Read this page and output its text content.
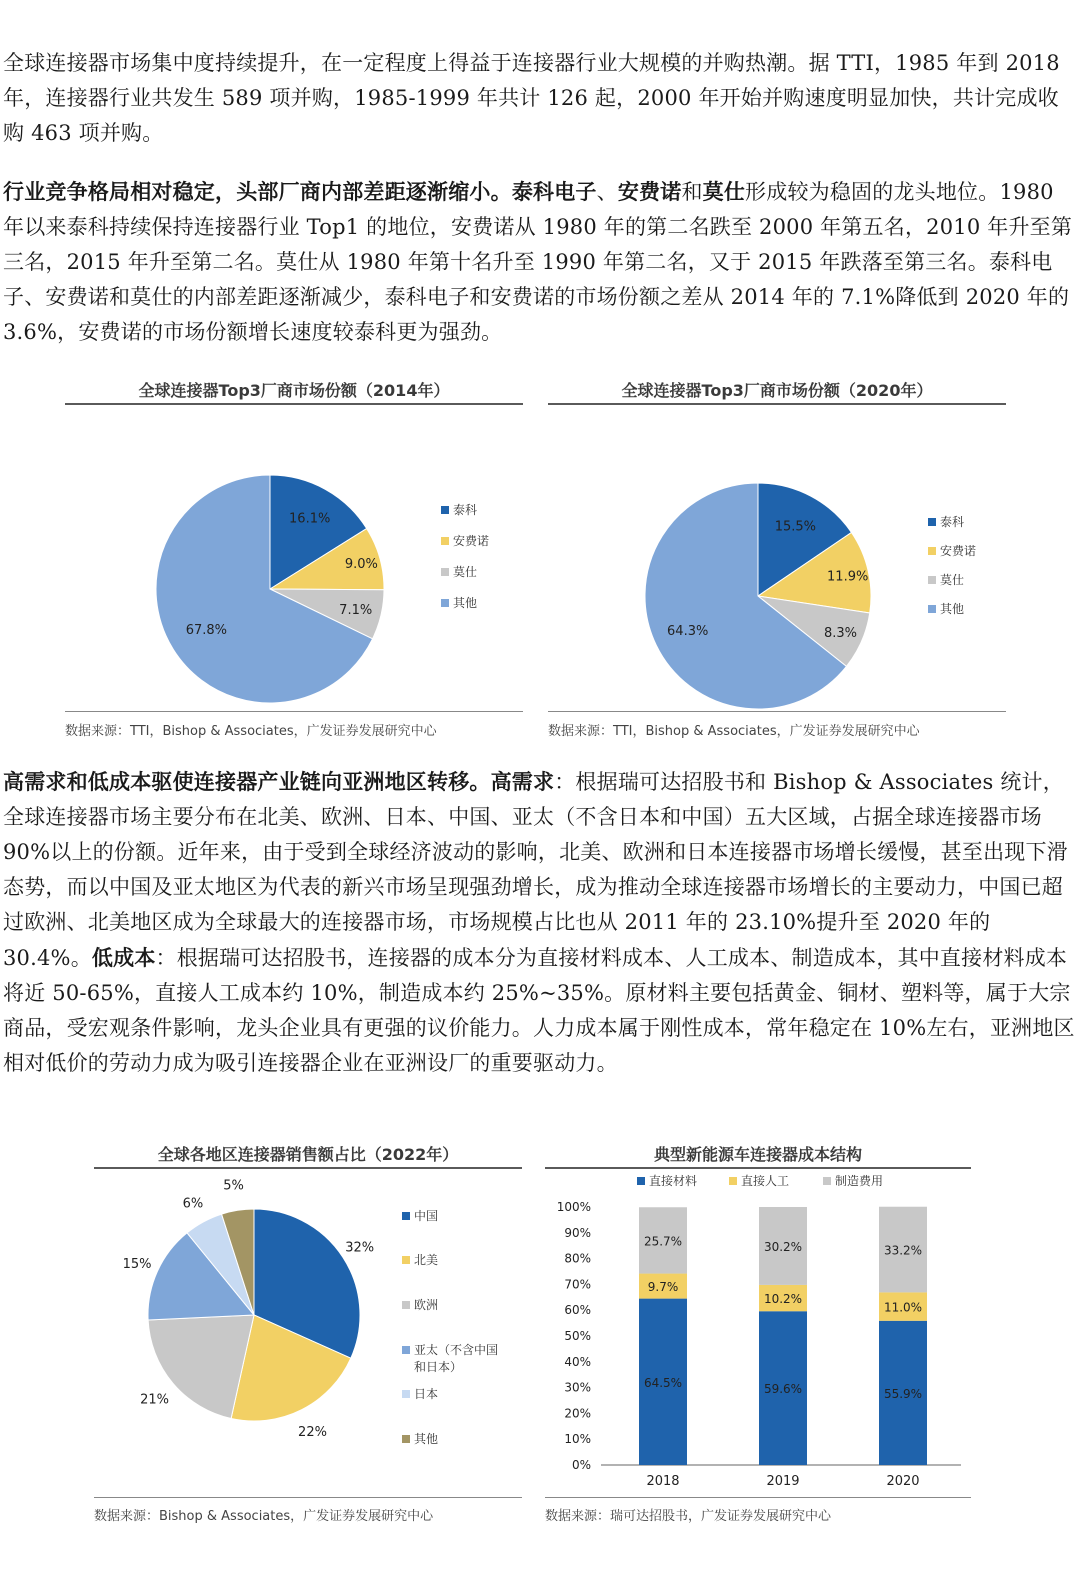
全球连接器市场集中度持续提升，在一定程度上得益于连接器行业大规模的并购热潮。据 TTI，1985 年到 2018 年，连接器行业共发生 589 项并购，1985-1999 年共计 126 起，2000 年开始并购速度明显加快，共计完成收购 463 项并购。

行业竞争格局相对稳定，头部厂商内部差距逐渐缩小。泰科电子、安费诺和莫仕形成较为稳固的龙头地位。1980 年以来泰科持续保持连接器行业 Top1 的地位，安费诺从 1980 年的第二名跌至 2000 年第五名，2010 年升至第三名，2015 年升至第二名。莫仕从 1980 年第十名升至 1990 年第二名，又于 2015 年跌落至第三名。泰科电子、安费诺和莫仕的内部差距逐渐减少，泰科电子和安费诺的市场份额之差从 2014 年的 7.1%降低到 2020 年的 3.6%，安费诺的市场份额增长速度较泰科更为强劲。

全球连接器Top3厂商市场份额（2014年）
16.1%
9.0%
7.1%
67.8%
泰科
安费诺
莫仕
其他
数据来源：TTI，Bishop & Associates，广发证券发展研究中心
全球连接器Top3厂商市场份额（2020年）
15.5%
11.9%
8.3%
64.3%
泰科
安费诺
莫仕
其他
数据来源：TTI，Bishop & Associates，广发证券发展研究中心

高需求和低成本驱使连接器产业链向亚洲地区转移。高需求：根据瑞可达招股书和 Bishop & Associates 统计，全球连接器市场主要分布在北美、欧洲、日本、中国、亚太（不含日本和中国）五大区域，占据全球连接器市场 90%以上的份额。近年来，由于受到全球经济波动的影响，北美、欧洲和日本连接器市场增长缓慢，甚至出现下滑态势，而以中国及亚太地区为代表的新兴市场呈现强劲增长，成为推动全球连接器市场增长的主要动力，中国已超过欧洲、北美地区成为全球最大的连接器市场，市场规模占比也从 2011 年的 23.10%提升至 2020 年的 30.4%。低成本：根据瑞可达招股书，连接器的成本分为直接材料成本、人工成本、制造成本，其中直接材料成本将近 50-65%，直接人工成本约 10%，制造成本约 25%~35%。原材料主要包括黄金、铜材、塑料等，属于大宗商品，受宏观条件影响，龙头企业具有更强的议价能力。人力成本属于刚性成本，常年稳定在 10%左右，亚洲地区相对低价的劳动力成为吸引连接器企业在亚洲设厂的重要驱动力。

全球各地区连接器销售额占比（2022年）
32%
22%
21%
15%
6%
5%
中国
北美
欧洲
亚太（不含中国和日本）
日本
其他
数据来源：Bishop & Associates，广发证券发展研究中心
典型新能源车连接器成本结构
直接材料	直接人工	制造费用
0%
10%
20%
30%
40%
50%
60%
70%
80%
90%
100%
64.5%
9.7%
25.7%
59.6%
10.2%
30.2%
55.9%
11.0%
33.2%
2018	2019	2020
数据来源：瑞可达招股书，广发证券发展研究中心
